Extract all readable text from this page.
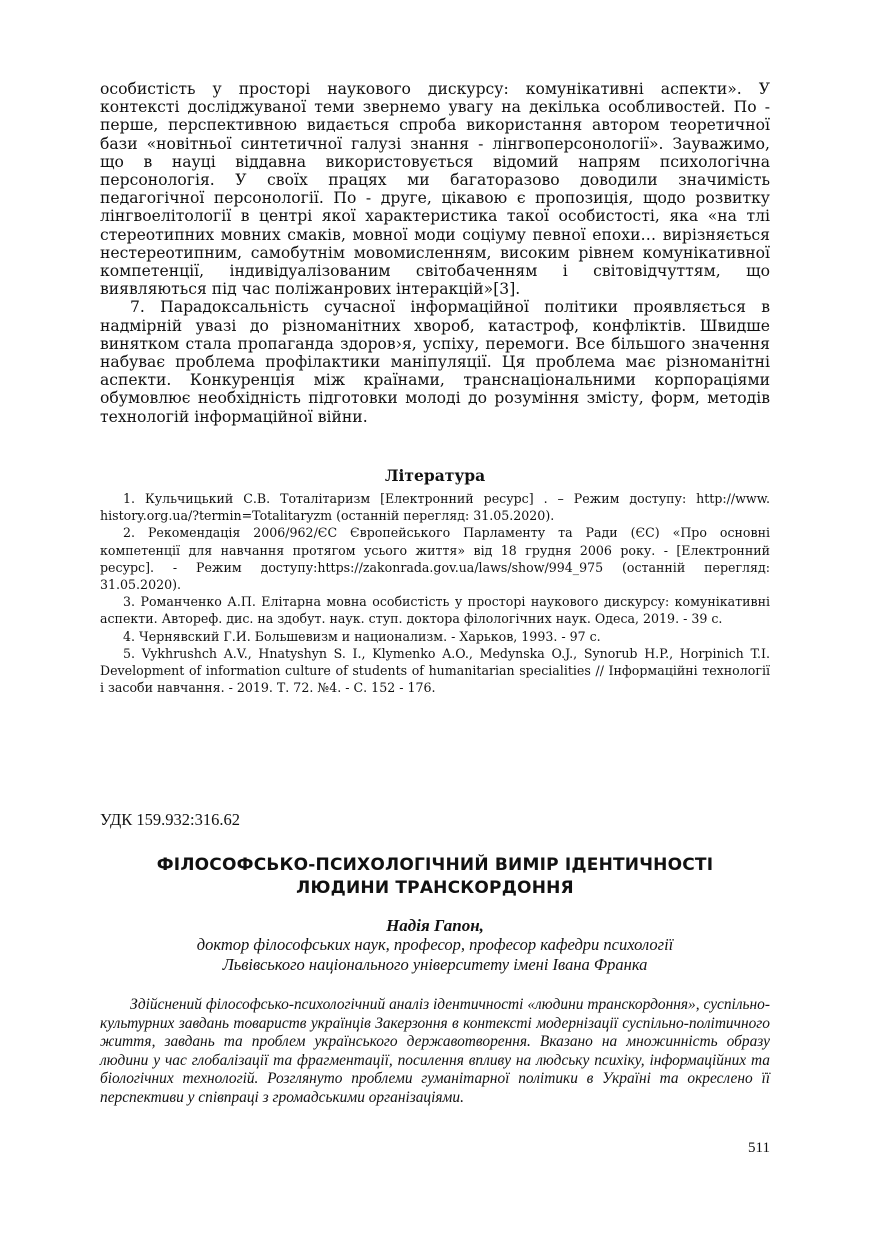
особистість у просторі наукового дискурсу: комунікативні аспекти». У контексті досліджуваної теми звернемо увагу на декілька особливостей. По - перше, перспективною видається спроба використання автором теоретичної бази «новітньої синтетичної галузі знання - лінгвоперсонології». Зауважимо, що в науці віддавна використовується відомий напрям психологічна персонологія. У своїх працях ми багаторазово доводили значимість педагогічної персонології. По - друге, цікавою є пропозиція, щодо розвитку лінгвоелітології в центрі якої характеристика такої особистості, яка «на тлі стереотипних мовних смаків, мовної моди соціуму певної епохи… вирізняється нестереотипним, самобутнім мовомисленням, високим рівнем комунікативної компетенції, індивідуалізованим світобаченням і світовідчуттям, що виявляються під час поліжанрових інтеракцій»[3].

7. Парадоксальність сучасної інформаційної політики проявляється в надмірній увазі до різноманітних хвороб, катастроф, конфліктів. Швидше винятком стала пропаганда здоров›я, успіху, перемоги. Все більшого значення набуває проблема профілактики маніпуляції. Ця проблема має різноманітні аспекти. Конкуренція між країнами, транснаціональними корпораціями обумовлює необхідність підготовки молоді до розуміння змісту, форм, методів технологій інформаційної війни.

Література

1. Кульчицький С.В. Тоталітаризм [Електронний ресурс] . – Режим доступу: http://www. history.org.ua/?termin=Totalitaryzm (останній перегляд: 31.05.2020).

2. Рекомендація 2006/962/ЄС Європейського Парламенту та Ради (ЄС) «Про основні компетенції для навчання протягом усього життя» від 18 грудня 2006 року. - [Електронний ресурс]. - Режим доступу:https://zakonrada.gov.ua/laws/show/994_975 (останній перегляд: 31.05.2020).

3. Романченко А.П. Елітарна мовна особистість у просторі наукового дискурсу: комунікативні аспекти. Автореф. дис. на здобут. наук. ступ. доктора філологічних наук. Одеса, 2019. - 39 с.

4. Чернявский Г.И. Большевизм и национализм. - Харьков, 1993. - 97 с.

5. Vykhrushch A.V., Hnatyshyn S. I., Klymenko A.O., Medynska O.J., Synorub H.P., Horpinich T.I. Development of information culture of students of humanitarian specialities // Інформаційні технології і засоби навчання. - 2019. Т. 72. №4. - С. 152 - 176.

УДК 159.932:316.62
ФІЛОСОФСЬКО-ПСИХОЛОГІЧНИЙ ВИМІР ІДЕНТИЧНОСТІ
ЛЮДИНИ ТРАНСКОРДОННЯ
Надія Гапон,
доктор філософських наук, професор, професор кафедри психології
Львівського національного університету імені Івана Франка
Здійснений філософсько-психологічний аналіз ідентичності «людини транскордоння», суспільно-культурних завдань товариств українців Закерзоння в контексті модернізації суспільно-політичного життя, завдань та проблем українського державотворення. Вказано на множинність образу людини у час глобалізації та фрагментації, посилення впливу на людську психіку, інформаційних та біологічних технологій. Розглянуто проблеми гуманітарної політики в Україні та окреслено її перспективи у співпраці з громадськими організаціями.
511
